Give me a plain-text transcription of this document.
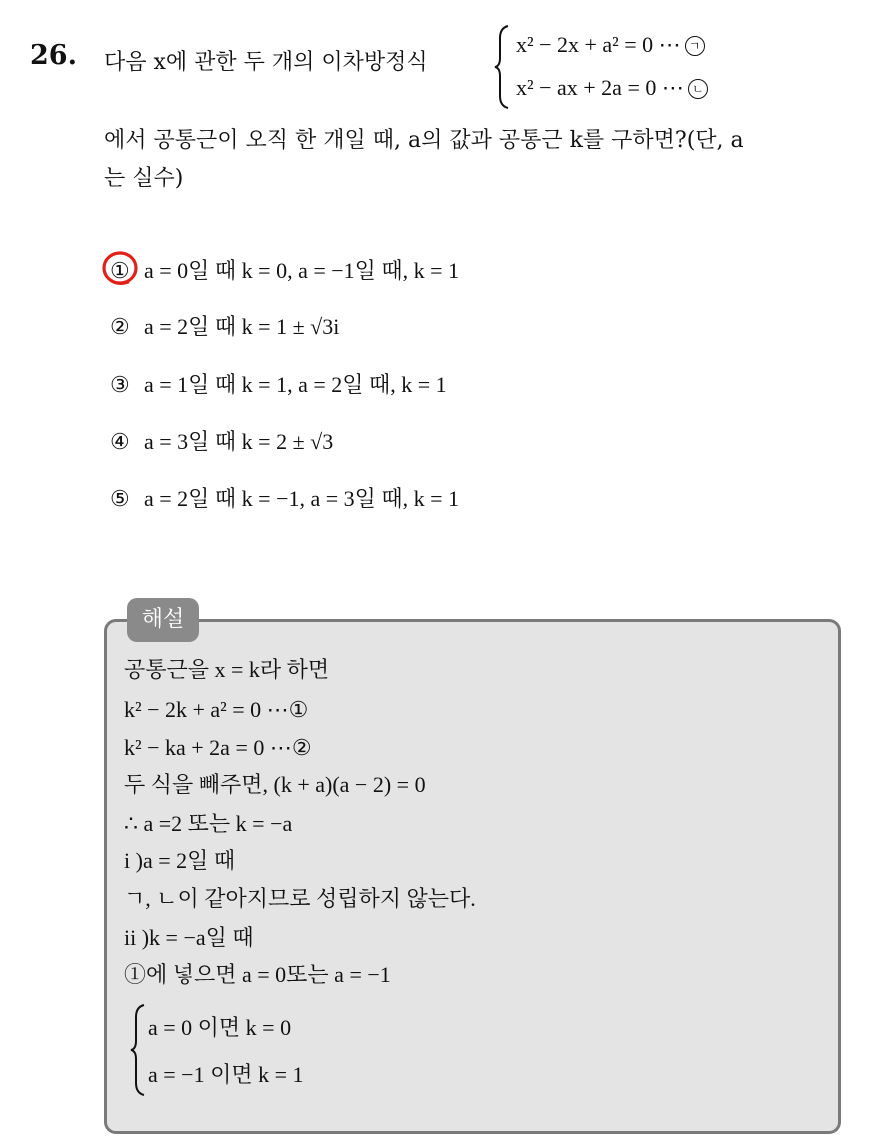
26. 다음 x에 관한 두 개의 이차방정식
x² − 2x + a² = 0 ⋯ ㄱ
x² − ax + 2a = 0 ⋯ ㄴ
에서 공통근이 오직 한 개일 때, a의 값과 공통근 k를 구하면?(단, a
는 실수)
① a = 0일 때 k = 0, a = −1일 때, k = 1
② a = 2일 때 k = 1 ± √3i
③ a = 1일 때 k = 1, a = 2일 때, k = 1
④ a = 3일 때 k = 2 ± √3
⑤ a = 2일 때 k = −1, a = 3일 때, k = 1
해설
공통근을 x = k라 하면
k² − 2k + a² = 0 ⋯①
k² − ka + 2a = 0 ⋯②
두 식을 빼주면, (k + a)(a − 2) = 0
∴ a =2 또는 k = −a
i )a = 2일 때
ㄱ, ㄴ이 같아지므로 성립하지 않는다.
ii )k = −a일 때
①에 넣으면 a = 0또는 a = −1
a = 0 이면 k = 0
a = −1 이면 k = 1
